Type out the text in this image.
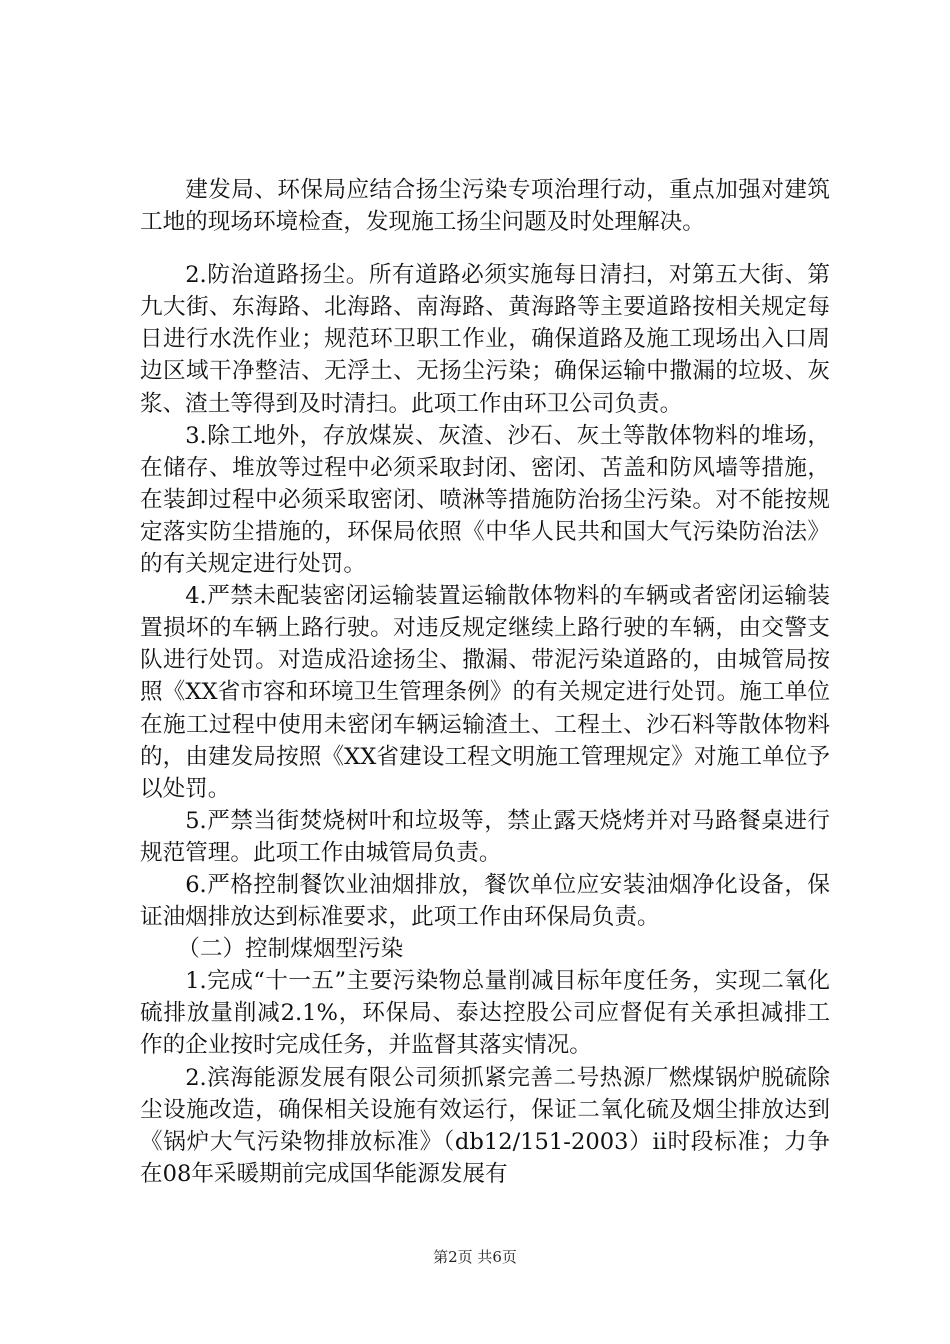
建发局、环保局应结合扬尘污染专项治理行动，重点加强对建筑工地的现场环境检查，发现施工扬尘问题及时处理解决。

2.防治道路扬尘。所有道路必须实施每日清扫，对第五大街、第九大街、东海路、北海路、南海路、黄海路等主要道路按相关规定每日进行水洗作业；规范环卫职工作业，确保道路及施工现场出入口周边区域干净整洁、无浮土、无扬尘污染；确保运输中撒漏的垃圾、灰浆、渣土等得到及时清扫。此项工作由环卫公司负责。

3.除工地外，存放煤炭、灰渣、沙石、灰土等散体物料的堆场，在储存、堆放等过程中必须采取封闭、密闭、苫盖和防风墙等措施，在装卸过程中必须采取密闭、喷淋等措施防治扬尘污染。对不能按规定落实防尘措施的，环保局依照《中华人民共和国大气污染防治法》的有关规定进行处罚。

4.严禁未配装密闭运输装置运输散体物料的车辆或者密闭运输装置损坏的车辆上路行驶。对违反规定继续上路行驶的车辆，由交警支队进行处罚。对造成沿途扬尘、撒漏、带泥污染道路的，由城管局按照《XX省市容和环境卫生管理条例》的有关规定进行处罚。施工单位在施工过程中使用未密闭车辆运输渣土、工程土、沙石料等散体物料的，由建发局按照《XX省建设工程文明施工管理规定》对施工单位予以处罚。

5.严禁当街焚烧树叶和垃圾等，禁止露天烧烤并对马路餐桌进行规范管理。此项工作由城管局负责。

6.严格控制餐饮业油烟排放，餐饮单位应安装油烟净化设备，保证油烟排放达到标准要求，此项工作由环保局负责。

（二）控制煤烟型污染

1.完成“十一五”主要污染物总量削减目标年度任务，实现二氧化硫排放量削减2.1%，环保局、泰达控股公司应督促有关承担减排工作的企业按时完成任务，并监督其落实情况。

2.滨海能源发展有限公司须抓紧完善二号热源厂燃煤锅炉脱硫除尘设施改造，确保相关设施有效运行，保证二氧化硫及烟尘排放达到《锅炉大气污染物排放标准》（db12/151-2003）ii时段标准；力争在08年采暖期前完成国华能源发展有

第2页 共6页
